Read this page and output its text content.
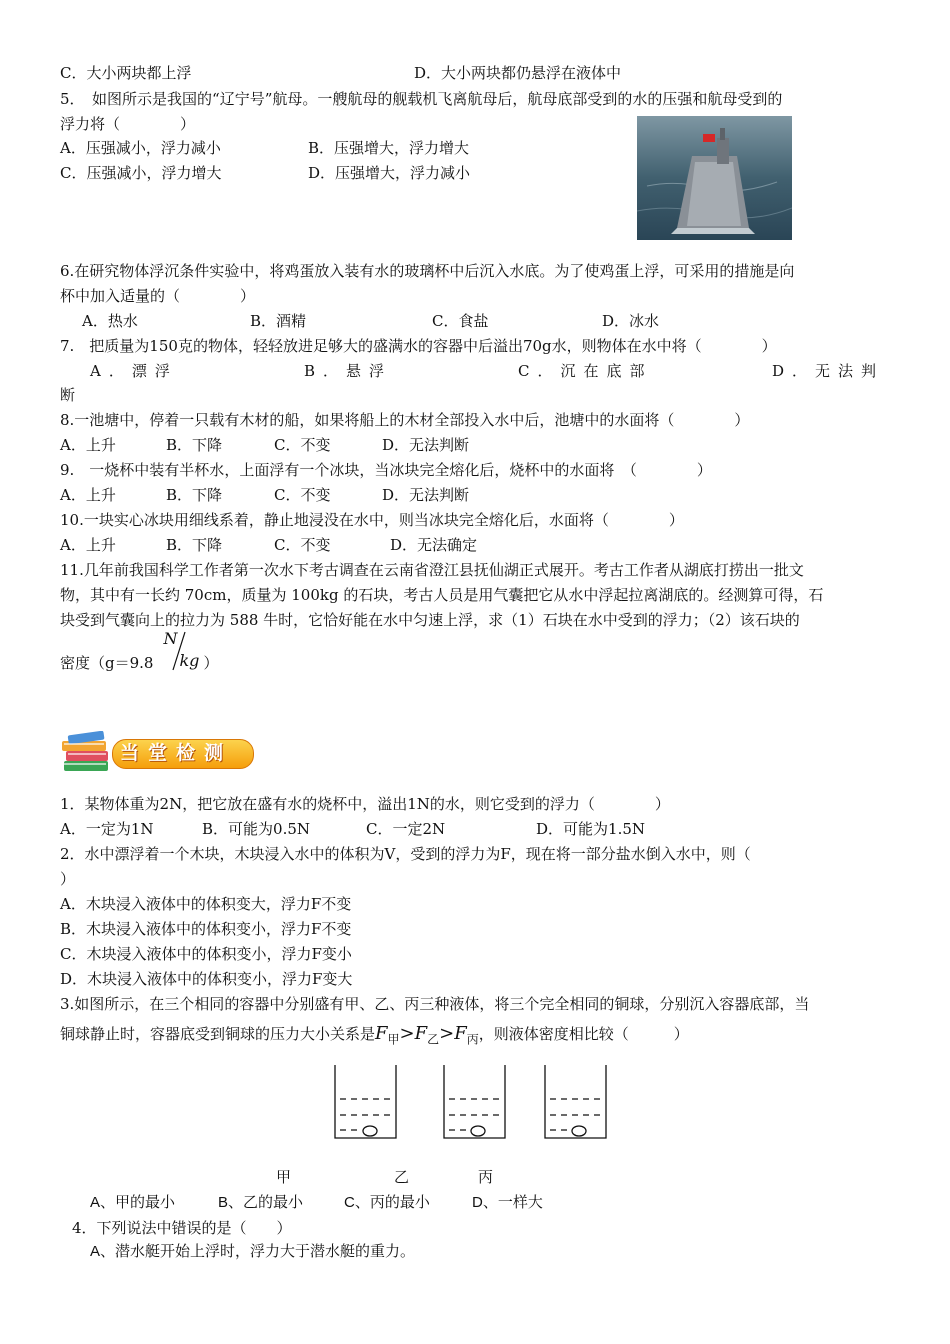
C．大小两块都上浮	D．大小两块都仍悬浮在液体中
5．　如图所示是我国的“辽宁号”航母。一艘航母的舰载机飞离航母后，航母底部受到的水的压强和航母受到的
浮力将（　　　　）
A．压强减小，浮力减小	B．压强增大，浮力增大
C．压强减小，浮力增大	D．压强增大，浮力减小
6.在研究物体浮沉条件实验中，将鸡蛋放入装有水的玻璃杯中后沉入水底。为了使鸡蛋上浮，可采用的措施是向
杯中加入适量的（　　　　）
A．热水	B．酒精	C．食盐	D．冰水
7.　把质量为150克的物体，轻轻放进足够大的盛满水的容器中后溢出70g水，则物体在水中将（　　　　）
A．漂浮	B．悬浮	C．沉在底部	D．无法判
断
8.一池塘中，停着一只载有木材的船，如果将船上的木材全部投入水中后，池塘中的水面将（　　　　）
A．上升	B．下降	C．不变	D．无法判断
9.　一烧杯中装有半杯水，上面浮有一个冰块，当冰块完全熔化后，烧杯中的水面将　（　　　　）
A．上升	B．下降	C．不变	D．无法判断
10.一块实心冰块用细线系着，静止地浸没在水中，则当冰块完全熔化后，水面将（　　　　）
A．上升	B．下降	C．不变	D．无法确定
11.几年前我国科学工作者第一次水下考古调查在云南省澄江县抚仙湖正式展开。考古工作者从湖底打捞出一批文
物，其中有一长约 70cm，质量为 100kg 的石块，考古人员是用气囊把它从水中浮起拉离湖底的。经测算可得，石
块受到气囊向上的拉力为 588 牛时，它恰好能在水中匀速上浮，求（1）石块在水中受到的浮力；（2）该石块的
密度（g＝9.8
N
kg ）
当堂检测
1．某物体重为2N，把它放在盛有水的烧杯中，溢出1N的水，则它受到的浮力（　　　　）
A．一定为1N	B．可能为0.5N	C．一定2N	D．可能为1.5N
2．水中漂浮着一个木块，木块浸入水中的体积为V，受到的浮力为F，现在将一部分盐水倒入水中，则（
）
A．木块浸入液体中的体积变大，浮力F不变
B．木块浸入液体中的体积变小，浮力F不变
C．木块浸入液体中的体积变小，浮力F变小
D．木块浸入液体中的体积变小，浮力F变大
3.如图所示，在三个相同的容器中分别盛有甲、乙、丙三种液体，将三个完全相同的铜球，分别沉入容器底部，当
铜球静止时，容器底受到铜球的压力大小关系是$F_甲>F_乙>F_丙$，则液体密度相比较（　　　）
甲	乙	丙
A、甲的最小	B、乙的最小	C、丙的最小	D、一样大
4．下列说法中错误的是（　　）
A、潜水艇开始上浮时，浮力大于潜水艇的重力。
